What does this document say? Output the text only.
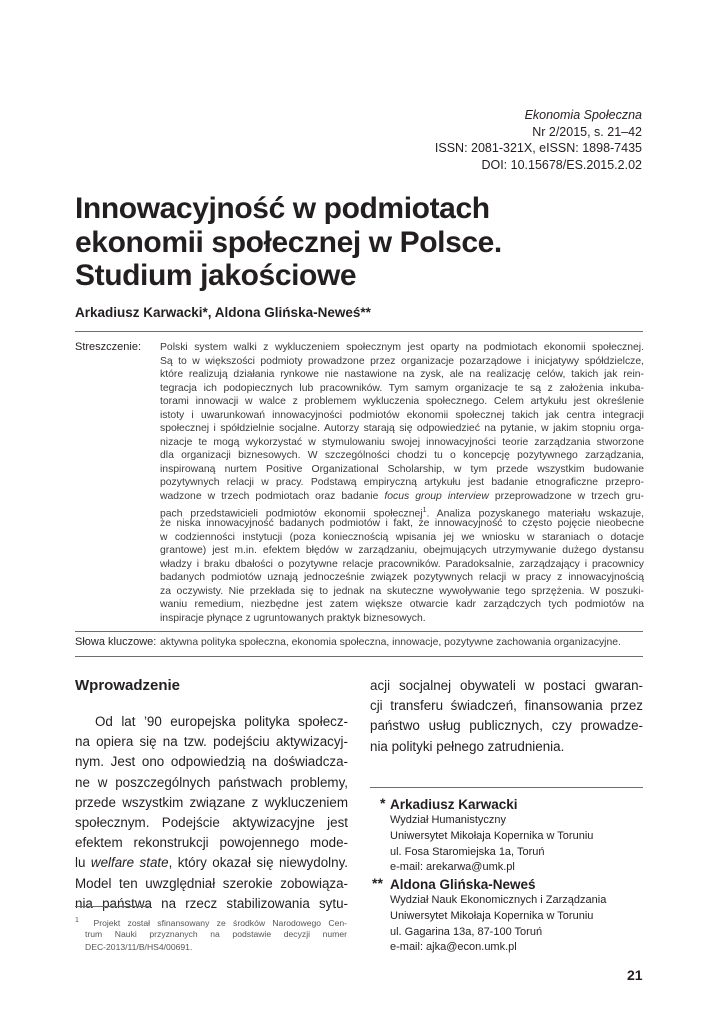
Ekonomia Społeczna
Nr 2/2015, s. 21–42
ISSN: 2081-321X, eISSN: 1898-7435
DOI: 10.15678/ES.2015.2.02
Innowacyjność w podmiotach
ekonomii społecznej w Polsce.
Studium jakościowe
Arkadiusz Karwacki*, Aldona Glińska-Neweś**
Streszczenie: Polski system walki z wykluczeniem społecznym jest oparty na podmiotach ekonomii społecznej.
Są to w większości podmioty prowadzone przez organizacje pozarządowe i inicjatywy spółdzielcze,
które realizują działania rynkowe nie nastawione na zysk, ale na realizację celów, takich jak rein-
tegracja ich podopiecznych lub pracowników. Tym samym organizacje te są z założenia inkuba-
torami innowacji w walce z problemem wykluczenia społecznego. Celem artykułu jest określenie
istoty i uwarunkowań innowacyjności podmiotów ekonomii społecznej takich jak centra integracji
społecznej i spółdzielnie socjalne. Autorzy starają się odpowiedzieć na pytanie, w jakim stopniu orga-
nizacje te mogą wykorzystać w stymulowaniu swojej innowacyjności teorie zarządzania stworzone
dla organizacji biznesowych. W szczególności chodzi tu o koncepcję pozytywnego zarządzania,
inspirowaną nurtem Positive Organizational Scholarship, w tym przede wszystkim budowanie
pozytywnych relacji w pracy. Podstawą empiryczną artykułu jest badanie etnograficzne przepro-
wadzone w trzech podmiotach oraz badanie focus group interview przeprowadzone w trzech gru-
pach przedstawicieli podmiotów ekonomii społecznej$^1$. Analiza pozyskanego materiału wskazuje,
że niska innowacyjność badanych podmiotów i fakt, że innowacyjność to często pojęcie nieobecne
w codzienności instytucji (poza koniecznością wpisania jej we wniosku w staraniach o dotacje
grantowe) jest m.in. efektem błędów w zarządzaniu, obejmujących utrzymywanie dużego dystansu
władzy i braku dbałości o pozytywne relacje pracowników. Paradoksalnie, zarządzający i pracownicy
badanych podmiotów uznają jednocześnie związek pozytywnych relacji w pracy z innowacyjnością
za oczywisty. Nie przekłada się to jednak na skuteczne wywoływanie tego sprzężenia. W poszuki-
waniu remedium, niezbędne jest zatem większe otwarcie kadr zarządczych tych podmiotów na
inspiracje płynące z ugruntowanych praktyk biznesowych.
Słowa kluczowe: aktywna polityka społeczna, ekonomia społeczna, innowacje, pozytywne zachowania organizacyjne.
Wprowadzenie
Od lat ’90 europejska polityka społecz-
na opiera się na tzw. podejściu aktywizacyj-
nym. Jest ono odpowiedzią na doświadcza-
ne w poszczególnych państwach problemy,
przede wszystkim związane z wykluczeniem
społecznym. Podejście aktywizacyjne jest
efektem rekonstrukcji powojennego mode-
lu welfare state, który okazał się niewydolny.
Model ten uwzględniał szerokie zobowiąza-
nia państwa na rzecz stabilizowania sytu-
acji socjalnej obywateli w postaci gwaran-
cji transferu świadczeń, finansowania przez
państwo usług publicznych, czy prowadze-
nia polityki pełnego zatrudnienia.
$^1$ Projekt został sfinansowany ze środków Narodowego Cen-
trum Nauki przyznanych na podstawie decyzji numer
DEC-2013/11/B/HS4/00691.
* Arkadiusz Karwacki
Wydział Humanistyczny
Uniwersytet Mikołaja Kopernika w Toruniu
ul. Fosa Staromiejska 1a, Toruń
e-mail: arekarwa@umk.pl
** Aldona Glińska-Neweś
Wydział Nauk Ekonomicznych i Zarządzania
Uniwersytet Mikołaja Kopernika w Toruniu
ul. Gagarina 13a, 87-100 Toruń
e-mail: ajka@econ.umk.pl
21
